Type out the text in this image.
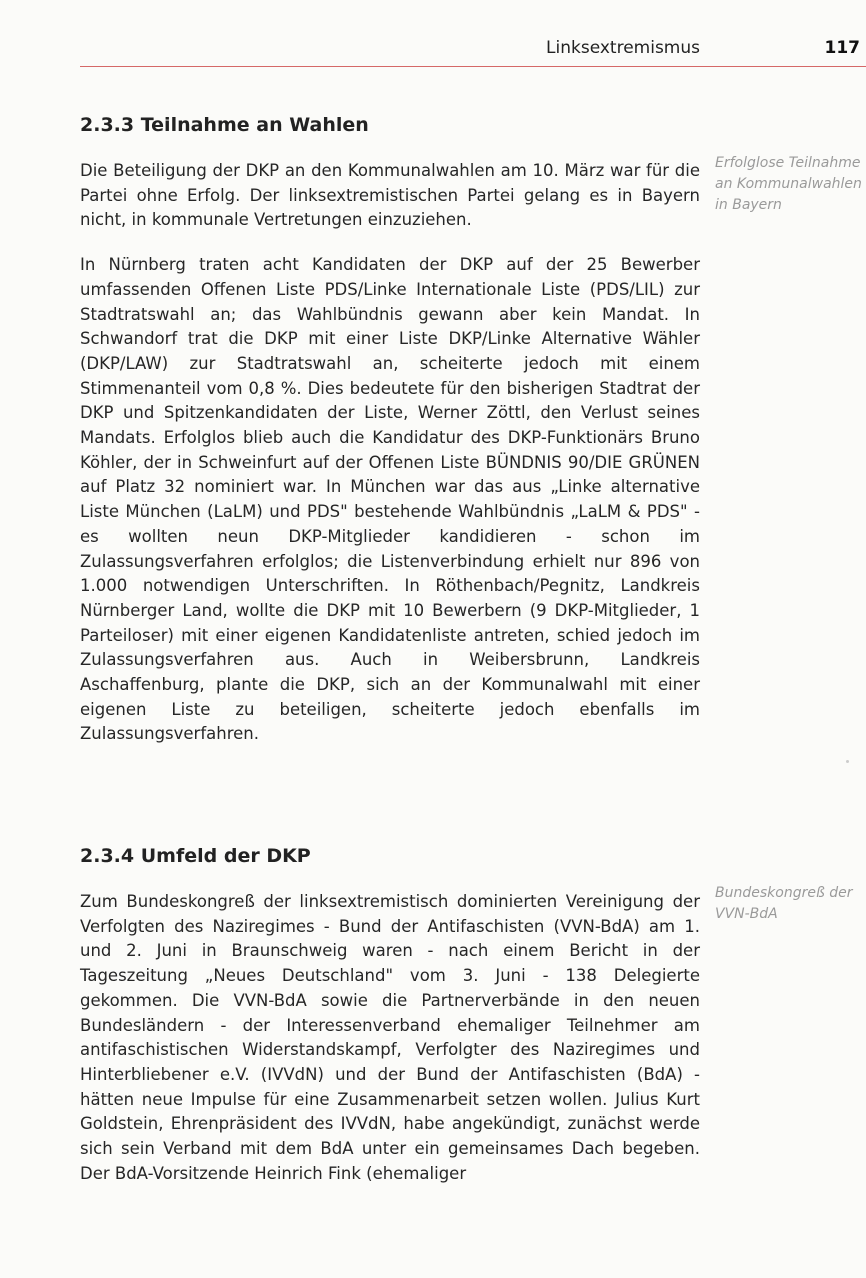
Linksextremismus	117
2.3.3 Teilnahme an Wahlen

Die Beteiligung der DKP an den Kommunalwahlen am 10. März war für die Partei ohne Erfolg. Der linksextremistischen Partei gelang es in Bayern nicht, in kommunale Vertretungen einzuziehen.

In Nürnberg traten acht Kandidaten der DKP auf der 25 Bewerber umfassenden Offenen Liste PDS/Linke Internationale Liste (PDS/LIL) zur Stadtratswahl an; das Wahlbündnis gewann aber kein Mandat. In Schwandorf trat die DKP mit einer Liste DKP/Linke Alternative Wähler (DKP/LAW) zur Stadtratswahl an, scheiterte jedoch mit einem Stimmenanteil vom 0,8 %. Dies bedeutete für den bisherigen Stadtrat der DKP und Spitzenkandidaten der Liste, Werner Zöttl, den Verlust seines Mandats. Erfolglos blieb auch die Kandidatur des DKP-Funktionärs Bruno Köhler, der in Schweinfurt auf der Offenen Liste BÜNDNIS 90/DIE GRÜNEN auf Platz 32 nominiert war. In München war das aus „Linke alternative Liste München (LaLM) und PDS" bestehende Wahlbündnis „LaLM & PDS" - es wollten neun DKP-Mitglieder kandidieren - schon im Zulassungsverfahren erfolglos; die Listenverbindung erhielt nur 896 von 1.000 notwendigen Unterschriften. In Röthenbach/Pegnitz, Landkreis Nürnberger Land, wollte die DKP mit 10 Bewerbern (9 DKP-Mitglieder, 1 Parteiloser) mit einer eigenen Kandidatenliste antreten, schied jedoch im Zulassungsverfahren aus. Auch in Weibersbrunn, Landkreis Aschaffenburg, plante die DKP, sich an der Kommunalwahl mit einer eigenen Liste zu beteiligen, scheiterte jedoch ebenfalls im Zulassungsverfahren.

Erfolglose Teilnahme an Kommunalwahlen in Bayern
2.3.4 Umfeld der DKP

Zum Bundeskongreß der linksextremistisch dominierten Vereinigung der Verfolgten des Naziregimes - Bund der Antifaschisten (VVN-BdA) am 1. und 2. Juni in Braunschweig waren - nach einem Bericht in der Tageszeitung „Neues Deutschland" vom 3. Juni - 138 Delegierte gekommen. Die VVN-BdA sowie die Partnerverbände in den neuen Bundesländern - der Interessenverband ehemaliger Teilnehmer am antifaschistischen Widerstandskampf, Verfolgter des Naziregimes und Hinterbliebener e.V. (IVVdN) und der Bund der Antifaschisten (BdA) - hätten neue Impulse für eine Zusammenarbeit setzen wollen. Julius Kurt Goldstein, Ehrenpräsident des IVVdN, habe angekündigt, zunächst werde sich sein Verband mit dem BdA unter ein gemeinsames Dach begeben. Der BdA-Vorsitzende Heinrich Fink (ehemaliger

Bundeskongreß der VVN-BdA
